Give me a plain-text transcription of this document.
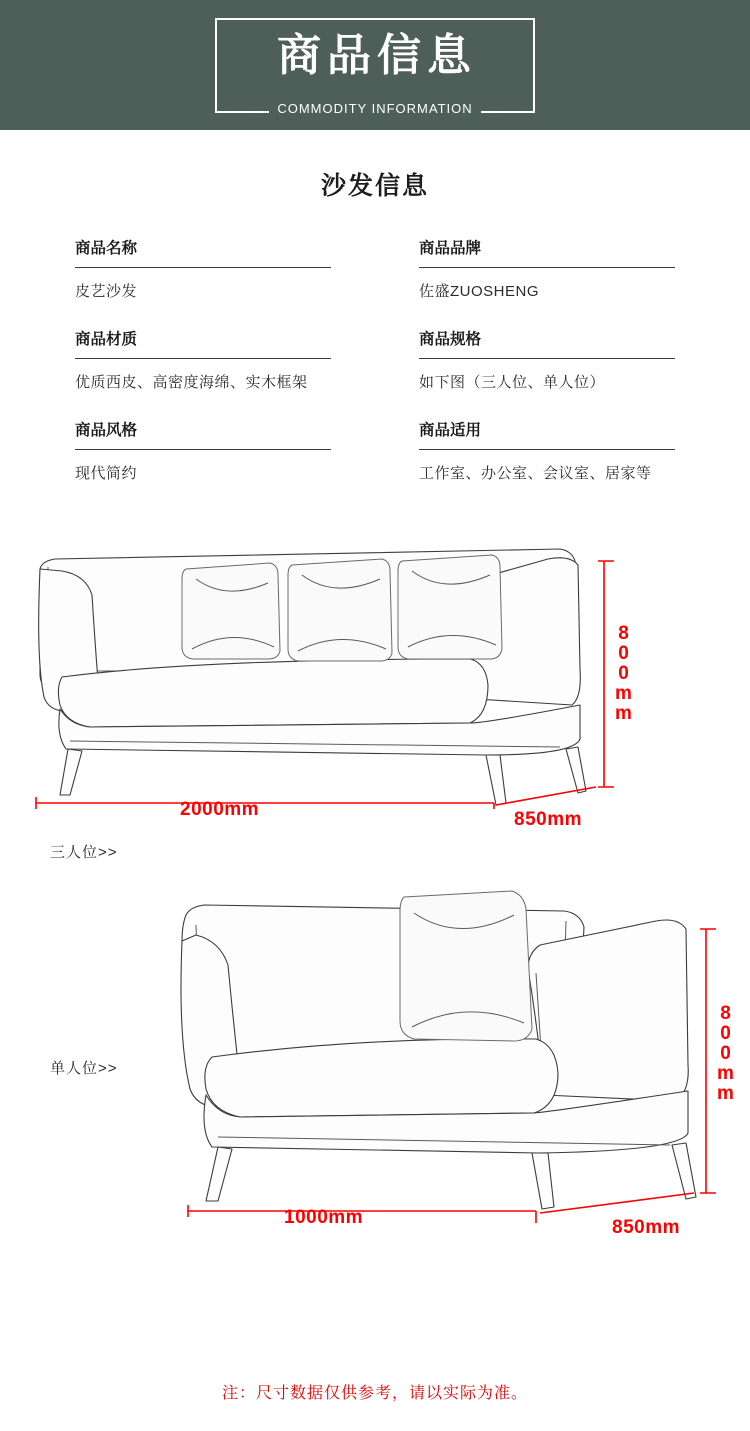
商品信息
COMMODITY INFORMATION
沙发信息
商品名称
皮艺沙发
商品品牌
佐盛ZUOSHENG
商品材质
优质西皮、高密度海绵、实木框架
商品规格
如下图（三人位、单人位）
商品风格
现代简约
商品适用
工作室、办公室、会议室、居家等
2000mm	850mm
800mm
三人位>>
1000mm	850mm
800mm
单人位>>
注：尺寸数据仅供参考，请以实际为准。
